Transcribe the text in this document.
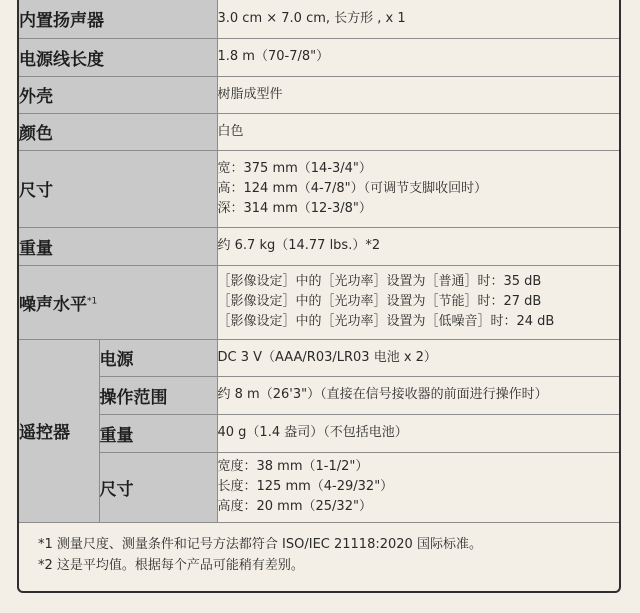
内置扬声器		3.0 cm × 7.0 cm, 长方形 , x 1
电源线长度		1.8 m（70-7/8"）
外壳		树脂成型件
颜色		白色
尺寸		宽：375 mm（14-3/4"）
高：124 mm（4-7/8"）（可调节支脚收回时）
深：314 mm（12-3/8"）

重量		约 6.7 kg（14.77 lbs.）*2
噪声水平$^{*1}$		［影像设定］中的［光功率］设置为［普通］时：35 dB
［影像设定］中的［光功率］设置为［节能］时：27 dB
［影像设定］中的［光功率］设置为［低噪音］时：24 dB

遥控器	电源	DC 3 V（AAA/R03/LR03 电池 x 2）
	操作范围	约 8 m（26'3"）（直接在信号接收器的前面进行操作时）
	重量	40 g（1.4 盎司）（不包括电池）
	尺寸	宽度：38 mm（1-1/2"）
长度：125 mm（4-29/32"）
高度：20 mm（25/32"）
*1 测量尺度、测量条件和记号方法都符合 ISO/IEC 21118:2020 国际标准。
*2 这是平均值。根据每个产品可能稍有差别。
